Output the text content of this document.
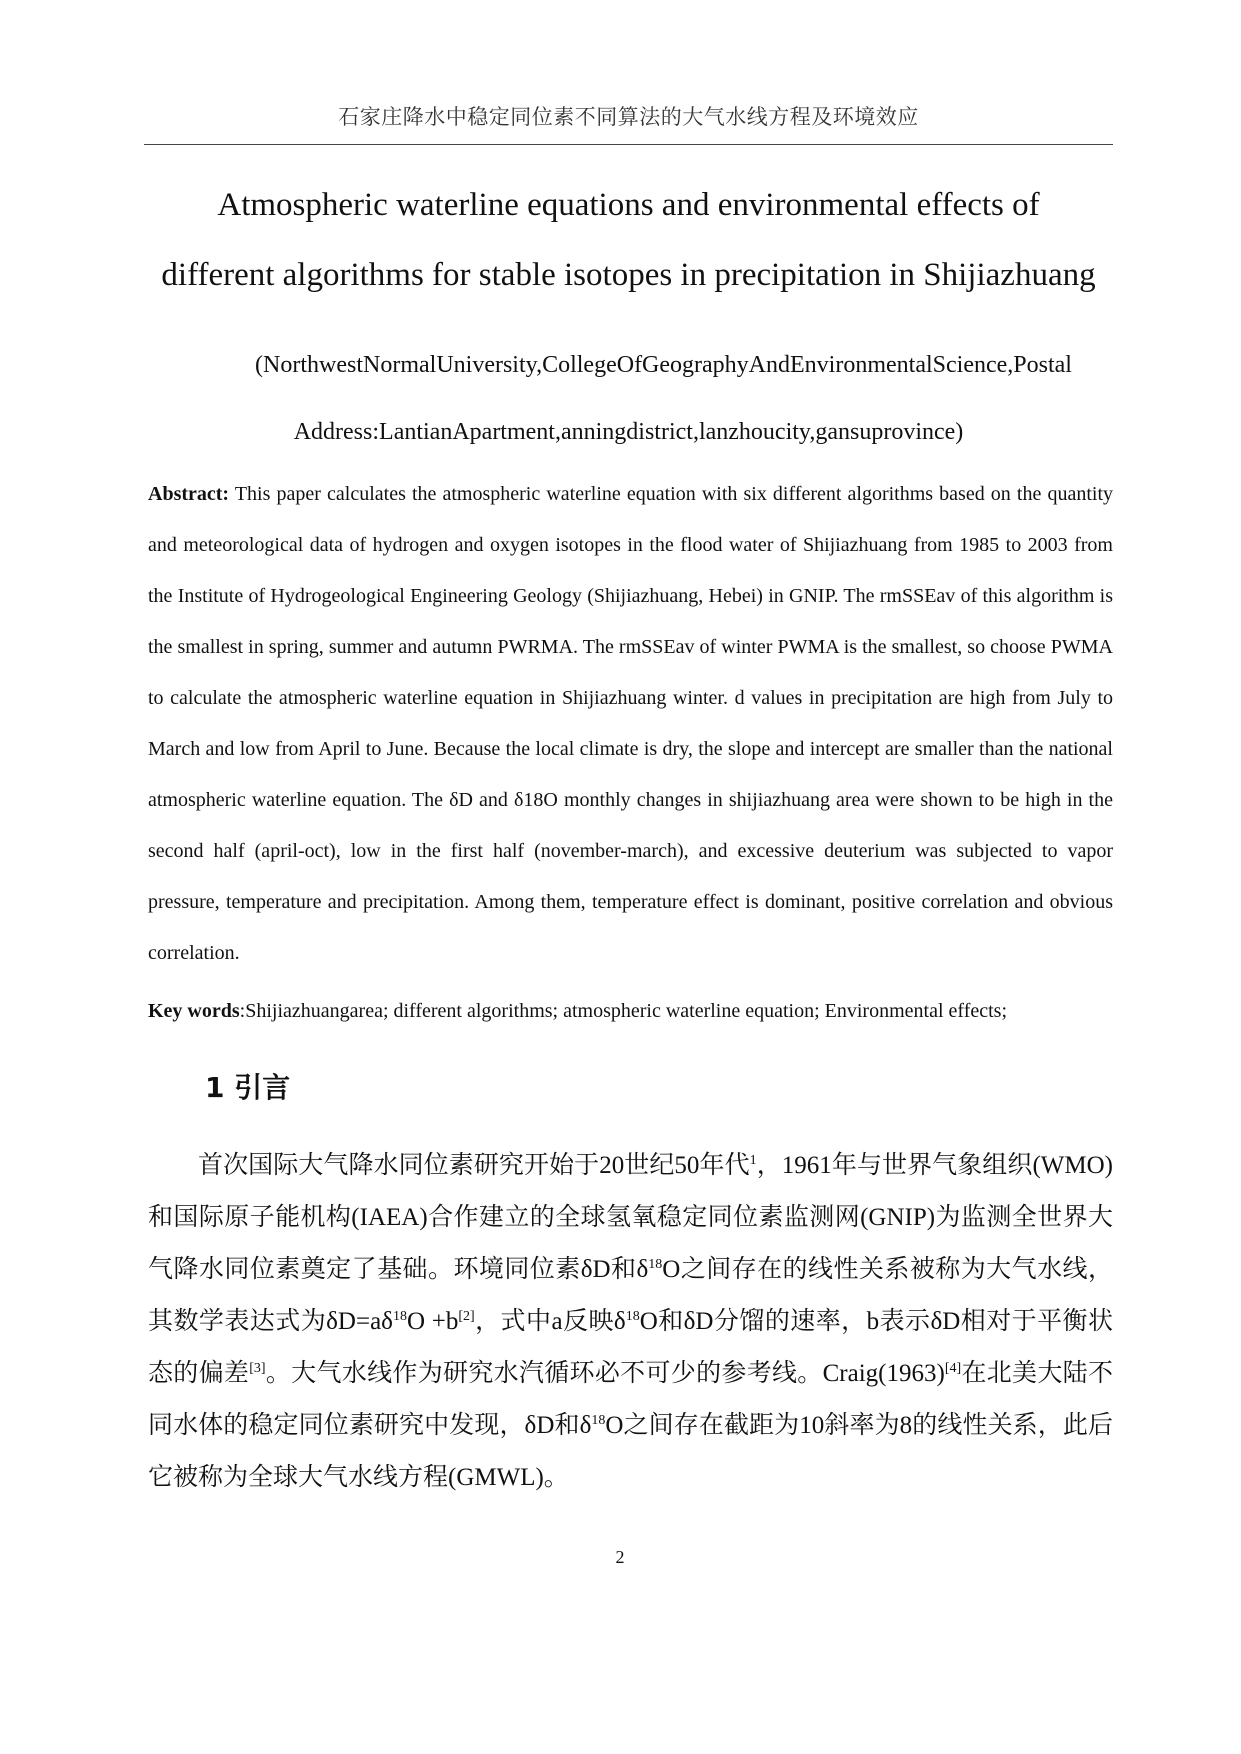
石家庄降水中稳定同位素不同算法的大气水线方程及环境效应
Atmospheric waterline equations and environmental effects of
different algorithms for stable isotopes in precipitation in Shijiazhuang
(NorthwestNormalUniversity,CollegeOfGeographyAndEnvironmentalScience,Postal
Address:LantianApartment,anningdistrict,lanzhoucity,gansuprovince)

Abstract: This paper calculates the atmospheric waterline equation with six different algorithms based on the quantity and meteorological data of hydrogen and oxygen isotopes in the flood water of Shijiazhuang from 1985 to 2003 from the Institute of Hydrogeological Engineering Geology (Shijiazhuang, Hebei) in GNIP. The rmSSEav of this algorithm is the smallest in spring, summer and autumn PWRMA. The rmSSEav of winter PWMA is the smallest, so choose PWMA to calculate the atmospheric waterline equation in Shijiazhuang winter. d values in precipitation are high from July to March and low from April to June. Because the local climate is dry, the slope and intercept are smaller than the national atmospheric waterline equation. The δD and δ18O monthly changes in shijiazhuang area were shown to be high in the second half (april-oct), low in the first half (november-march), and excessive deuterium was subjected to vapor pressure, temperature and precipitation. Among them, temperature effect is dominant, positive correlation and obvious correlation.

Key words:Shijiazhuangarea; different algorithms; atmospheric waterline equation; Environmental effects;

1 引言

首次国际大气降水同位素研究开始于20世纪50年代$^1$，1961年与世界气象组织(WMO)和国际原子能机构(IAEA)合作建立的全球氢氧稳定同位素监测网(GNIP)为监测全世界大气降水同位素奠定了基础。环境同位素δD和$\delta^{18}O$之间存在的线性关系被称为大气水线，其数学表达式为$\delta D=a\delta^{18}O +b[2]$，式中a反映$\delta^{18}O$和δD分馏的速率，b表示δD相对于平衡状态的偏差[3]。大气水线作为研究水汽循环必不可少的参考线。Craig(1963)[4]在北美大陆不同水体的稳定同位素研究中发现，δD和$\delta^{18}O$之间存在截距为10斜率为8的线性关系，此后它被称为全球大气水线方程(GMWL)。

2
